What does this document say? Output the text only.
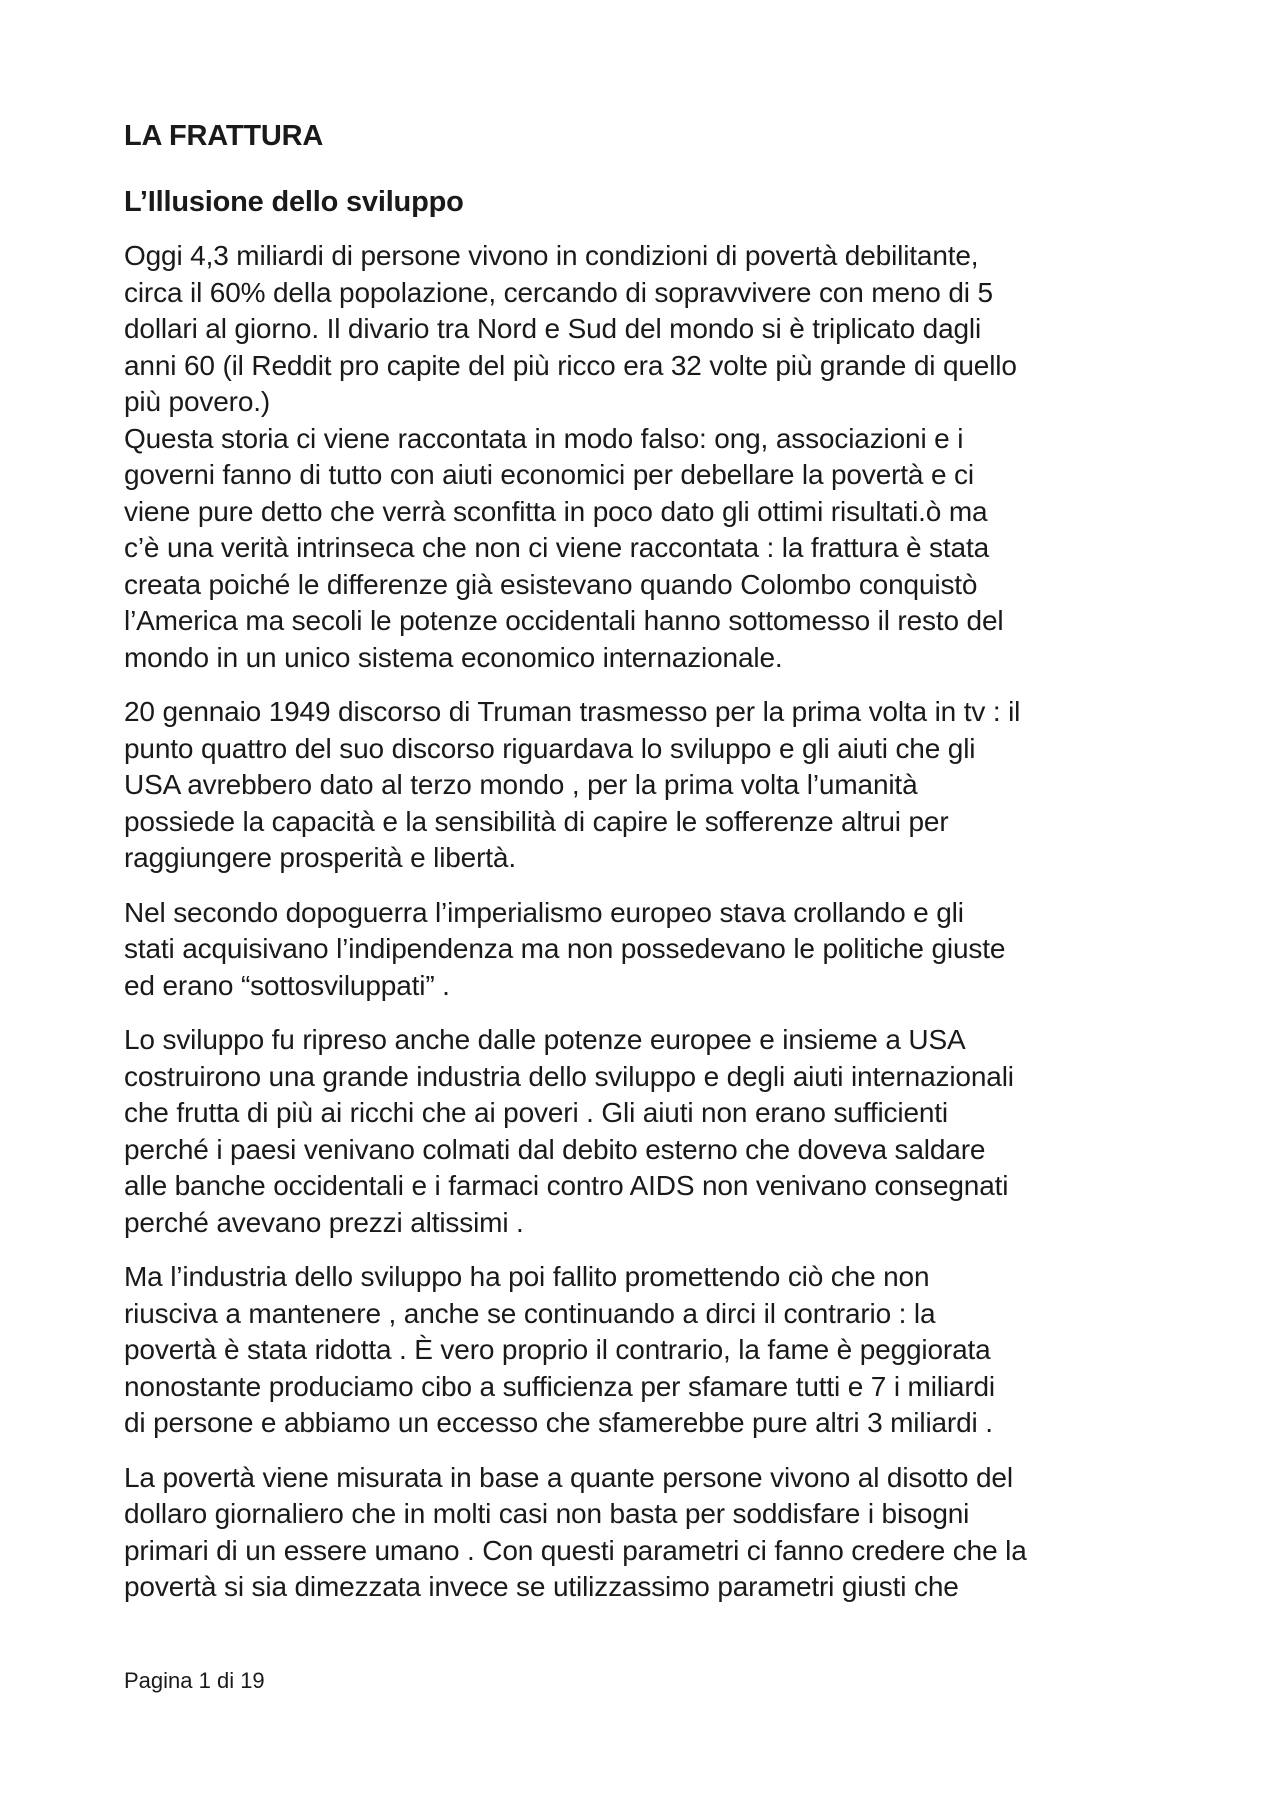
LA FRATTURA
L’Illusione dello sviluppo
Oggi 4,3 miliardi di persone vivono in condizioni di povertà debilitante,
circa il 60% della popolazione, cercando di sopravvivere con meno di 5
dollari al giorno. Il divario tra Nord e Sud del mondo si è triplicato dagli
anni 60 (il Reddit pro capite del più ricco era 32 volte più grande di quello
più povero.)
Questa storia ci viene raccontata in modo falso: ong, associazioni e i
governi fanno di tutto con aiuti economici per debellare la povertà e ci
viene pure detto che verrà sconfitta in poco dato gli ottimi risultati.ò ma
c’è una verità intrinseca che non ci viene raccontata : la frattura è stata
creata poiché le differenze già esistevano quando Colombo conquistò
l’America ma secoli le potenze occidentali hanno sottomesso il resto del
mondo in un unico sistema economico internazionale.
20 gennaio 1949 discorso di Truman trasmesso per la prima volta in tv : il
punto quattro del suo discorso riguardava lo sviluppo e gli aiuti che gli
USA avrebbero dato al terzo mondo , per la prima volta l’umanità
possiede la capacità e la sensibilità di capire le sofferenze altrui per
raggiungere prosperità e libertà.
Nel secondo dopoguerra l’imperialismo europeo stava crollando e gli
stati acquisivano l’indipendenza ma non possedevano le politiche giuste
ed erano “sottosviluppati” .
Lo sviluppo fu ripreso anche dalle potenze europee e insieme a USA
costruirono una grande industria dello sviluppo e degli aiuti internazionali
che frutta di più ai ricchi che ai poveri . Gli aiuti non erano sufficienti
perché i paesi venivano colmati dal debito esterno che doveva saldare
alle banche occidentali e i farmaci contro AIDS non venivano consegnati
perché avevano prezzi altissimi .
Ma l’industria dello sviluppo ha poi fallito promettendo ciò che non
riusciva a mantenere , anche se continuando a dirci il contrario : la
povertà è stata ridotta . È vero proprio il contrario, la fame è peggiorata
nonostante produciamo cibo a sufficienza per sfamare tutti e 7 i miliardi
di persone e abbiamo un eccesso che sfamerebbe pure altri 3 miliardi .
La povertà viene misurata in base a quante persone vivono al disotto del
dollaro giornaliero che in molti casi non basta per soddisfare i bisogni
primari di un essere umano . Con questi parametri ci fanno credere che la
povertà si sia dimezzata invece se utilizzassimo parametri giusti che
Pagina 1 di 19
